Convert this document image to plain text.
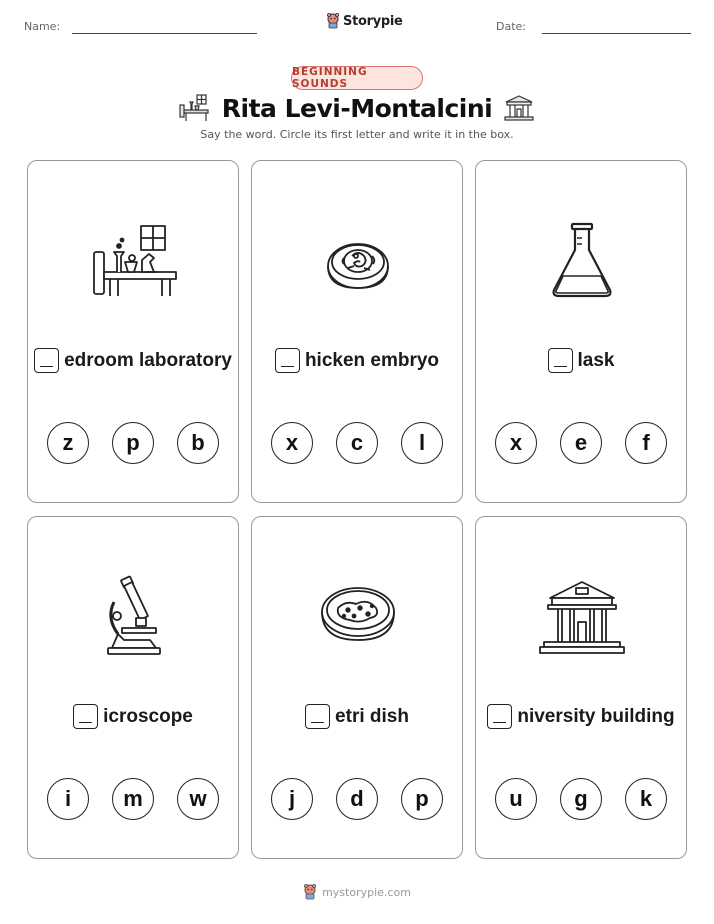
Name:	Storypie	Date:
BEGINNING SOUNDS
Rita Levi-Montalcini
Say the word. Circle its first letter and write it in the box.
edroom laboratory
z	p	b
hicken embryo
x	c	l
lask
x	e	f
icroscope
i	m	w
etri dish
j	d	p
niversity building
u	g	k
mystorypie.com
